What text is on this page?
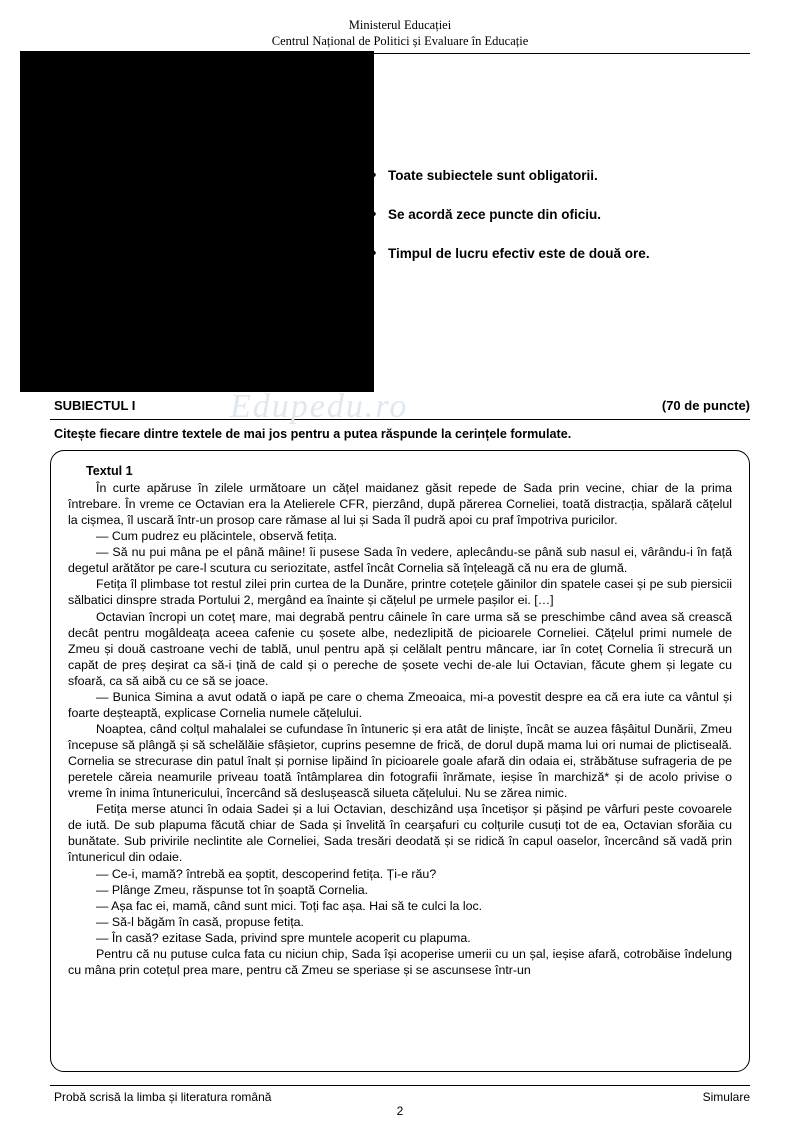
Ministerul Educației
Centrul Național de Politici și Evaluare în Educație
• Toate subiectele sunt obligatorii.
• Se acordă zece puncte din oficiu.
• Timpul de lucru efectiv este de două ore.
SUBIECTUL I	(70 de puncte)
Citește fiecare dintre textele de mai jos pentru a putea răspunde la cerințele formulate.
Edupedu.ro
Textul 1

În curte apăruse în zilele următoare un cățel maidanez găsit repede de Sada prin vecine, chiar de la prima întrebare. În vreme ce Octavian era la Atelierele CFR, pierzând, după părerea Corneliei, toată distracția, spălară cățelul la cișmea, îl uscară într-un prosop care rămase al lui și Sada îl pudră apoi cu praf împotriva puricilor.

— Cum pudrez eu plăcintele, observă fetița.

— Să nu pui mâna pe el până mâine! îi pusese Sada în vedere, aplecându-se până sub nasul ei, vârându-i în față degetul arătător pe care-l scutura cu seriozitate, astfel încât Cornelia să înțeleagă că nu era de glumă.

Fetița îl plimbase tot restul zilei prin curtea de la Dunăre, printre cotețele găinilor din spatele casei și pe sub piersicii sălbatici dinspre strada Portului 2, mergând ea înainte și cățelul pe urmele pașilor ei. […]

Octavian încropi un coteț mare, mai degrabă pentru câinele în care urma să se preschimbe când avea să crească decât pentru mogâldeața aceea cafenie cu șosete albe, nedezlipită de picioarele Corneliei. Cățelul primi numele de Zmeu și două castroane vechi de tablă, unul pentru apă și celălalt pentru mâncare, iar în coteț Cornelia îi strecură un capăt de preș deșirat ca să-i țină de cald și o pereche de șosete vechi de-ale lui Octavian, făcute ghem și legate cu sfoară, ca să aibă cu ce să se joace.

— Bunica Simina a avut odată o iapă pe care o chema Zmeoaica, mi-a povestit despre ea că era iute ca vântul și foarte deșteaptă, explicase Cornelia numele cățelului.

Noaptea, când colțul mahalalei se cufundase în întuneric și era atât de liniște, încât se auzea fâșâitul Dunării, Zmeu începuse să plângă și să schelălăie sfâșietor, cuprins pesemne de frică, de dorul după mama lui ori numai de plictiseală. Cornelia se strecurase din patul înalt și pornise lipăind în picioarele goale afară din odaia ei, străbătuse sufrageria de pe peretele căreia neamurile priveau toată întâmplarea din fotografii înrămate, ieșise în marchiză* și de acolo privise o vreme în inima întunericului, încercând să deslușească silueta cățelului. Nu se zărea nimic.

Fetița merse atunci în odaia Sadei și a lui Octavian, deschizând ușa încetișor și pășind pe vârfuri peste covoarele de iută. De sub plapuma făcută chiar de Sada și învelită în cearșafuri cu colțurile cusuți tot de ea, Octavian sforăia cu bunătate. Sub privirile neclintite ale Corneliei, Sada tresări deodată și se ridică în capul oaselor, încercând să vadă prin întunericul din odaie.

— Ce-i, mamă? întrebă ea șoptit, descoperind fetița. Ți-e rău?

— Plânge Zmeu, răspunse tot în șoaptă Cornelia.

— Așa fac ei, mamă, când sunt mici. Toți fac așa. Hai să te culci la loc.

— Să-l băgăm în casă, propuse fetița.

— În casă? ezitase Sada, privind spre muntele acoperit cu plapuma.

Pentru că nu putuse culca fata cu niciun chip, Sada își acoperise umerii cu un șal, ieșise afară, cotrobăise îndelung cu mâna prin cotețul prea mare, pentru că Zmeu se speriase și se ascunsese într-un

Probă scrisă la limba și literatura română	Simulare
2
